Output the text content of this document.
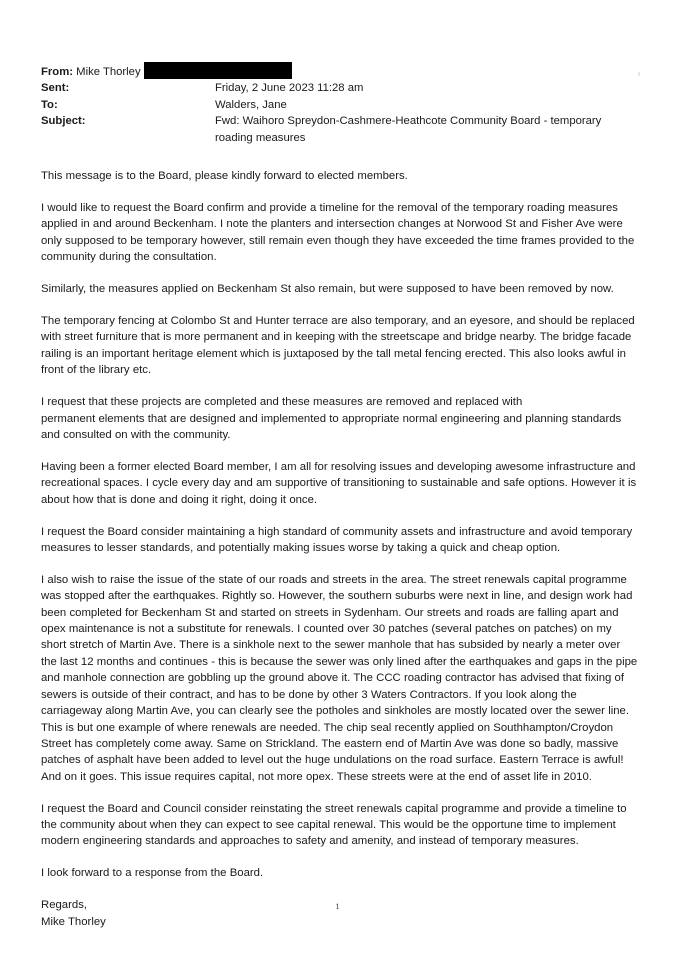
From: Mike Thorley	

Sent:	Friday, 2 June 2023 11:28 am
To:	Walders, Jane
Subject:	Fwd: Waihoro Spreydon-Cashmere-Heathcote Community Board - temporary
roading measures

This message is to the Board, please kindly forward to elected members.

I would like to request the Board confirm and provide a timeline for the removal of the temporary roading measures applied in and around Beckenham. I note the planters and intersection changes at Norwood St and Fisher Ave were only supposed to be temporary however, still remain even though they have exceeded the time frames provided to the community during the consultation.

Similarly, the measures applied on Beckenham St also remain, but were supposed to have been removed by now.

The temporary fencing at Colombo St and Hunter terrace are also temporary, and an eyesore, and should be replaced with street furniture that is more permanent and in keeping with the streetscape and bridge nearby. The bridge facade railing is an important heritage element which is juxtaposed by the tall metal fencing erected. This also looks awful in front of the library etc.

I request that these projects are completed and these measures are removed and replaced with
permanent elements that are designed and implemented to appropriate normal engineering and planning standards and consulted on with the community.

Having been a former elected Board member, I am all for resolving issues and developing awesome infrastructure and recreational spaces. I cycle every day and am supportive of transitioning to sustainable and safe options. However it is about how that is done and doing it right, doing it once.

I request the Board consider maintaining a high standard of community assets and infrastructure and avoid temporary measures to lesser standards, and potentially making issues worse by taking a quick and cheap option.

I also wish to raise the issue of the state of our roads and streets in the area. The street renewals capital programme was stopped after the earthquakes. Rightly so. However, the southern suburbs were next in line, and design work had been completed for Beckenham St and started on streets in Sydenham. Our streets and roads are falling apart and opex maintenance is not a substitute for renewals. I counted over 30 patches (several patches on patches) on my short stretch of Martin Ave. There is a sinkhole next to the sewer manhole that has subsided by nearly a meter over the last 12 months and continues - this is because the sewer was only lined after the earthquakes and gaps in the pipe and manhole connection are gobbling up the ground above it. The CCC roading contractor has advised that fixing of sewers is outside of their contract, and has to be done by other 3 Waters Contractors. If you look along the carriageway along Martin Ave, you can clearly see the potholes and sinkholes are mostly located over the sewer line. This is but one example of where renewals are needed. The chip seal recently applied on Southhampton/Croydon Street has completely come away. Same on Strickland. The eastern end of Martin Ave was done so badly, massive patches of asphalt have been added to level out the huge undulations on the road surface. Eastern Terrace is awful! And on it goes. This issue requires capital, not more opex. These streets were at the end of asset life in 2010.

I request the Board and Council consider reinstating the street renewals capital programme and provide a timeline to the community about when they can expect to see capital renewal. This would be the opportune time to implement modern engineering standards and approaches to safety and amenity, and instead of temporary measures.

I look forward to a response from the Board.

Regards,
Mike Thorley

1
